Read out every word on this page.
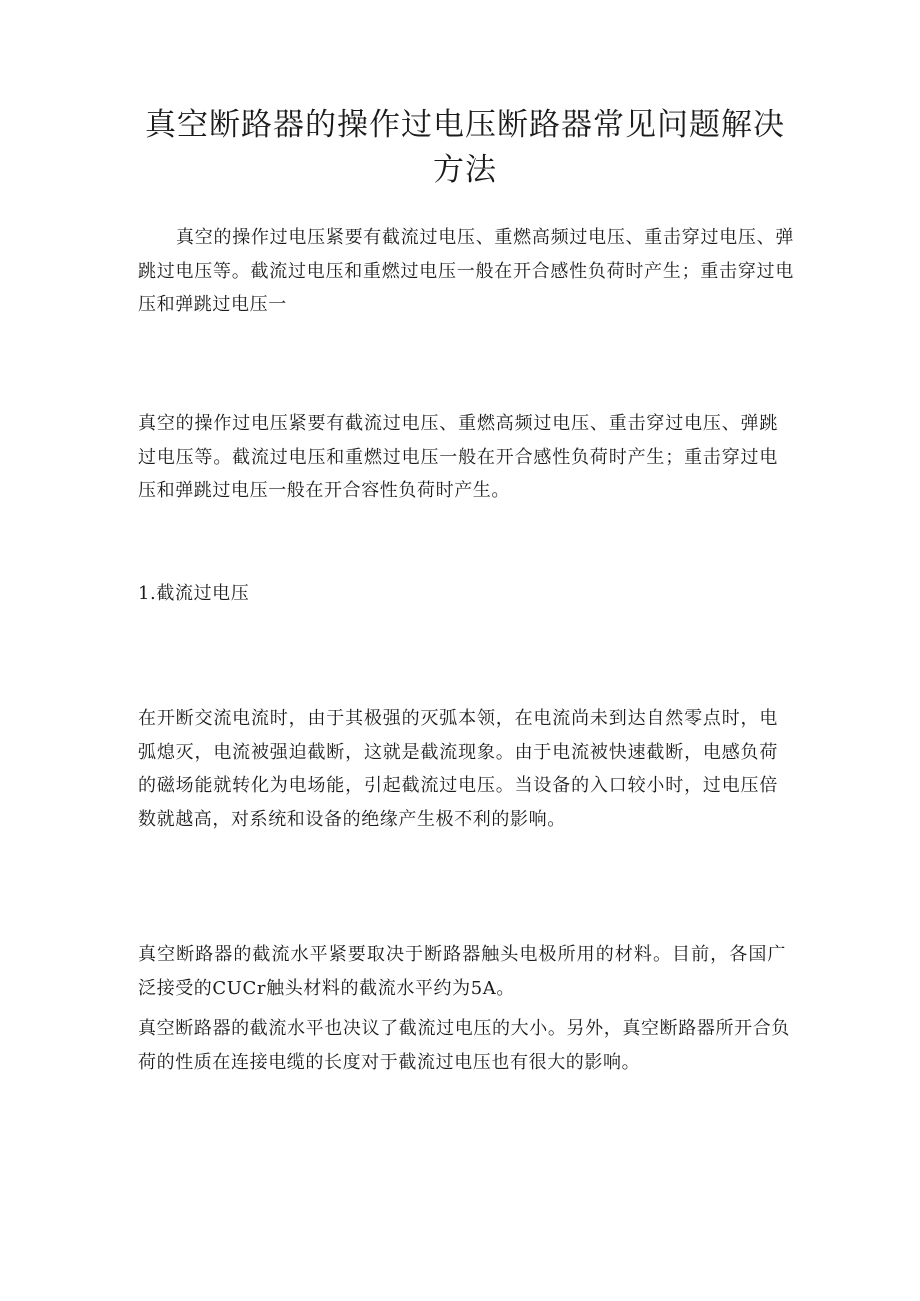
真空断路器的操作过电压断路器常见问题解决方法

真空的操作过电压紧要有截流过电压、重燃高频过电压、重击穿过电压、弹跳过电压等。截流过电压和重燃过电压一般在开合感性负荷时产生；重击穿过电压和弹跳过电压一

真空的操作过电压紧要有截流过电压、重燃高频过电压、重击穿过电压、弹跳过电压等。截流过电压和重燃过电压一般在开合感性负荷时产生；重击穿过电压和弹跳过电压一般在开合容性负荷时产生。

1.截流过电压

在开断交流电流时，由于其极强的灭弧本领，在电流尚未到达自然零点时，电弧熄灭，电流被强迫截断，这就是截流现象。由于电流被快速截断，电感负荷的磁场能就转化为电场能，引起截流过电压。当设备的入口较小时，过电压倍数就越高，对系统和设备的绝缘产生极不利的影响。

真空断路器的截流水平紧要取决于断路器触头电极所用的材料。目前，各国广泛接受的CUCr触头材料的截流水平约为5A。

真空断路器的截流水平也决议了截流过电压的大小。另外，真空断路器所开合负荷的性质在连接电缆的长度对于截流过电压也有很大的影响。
